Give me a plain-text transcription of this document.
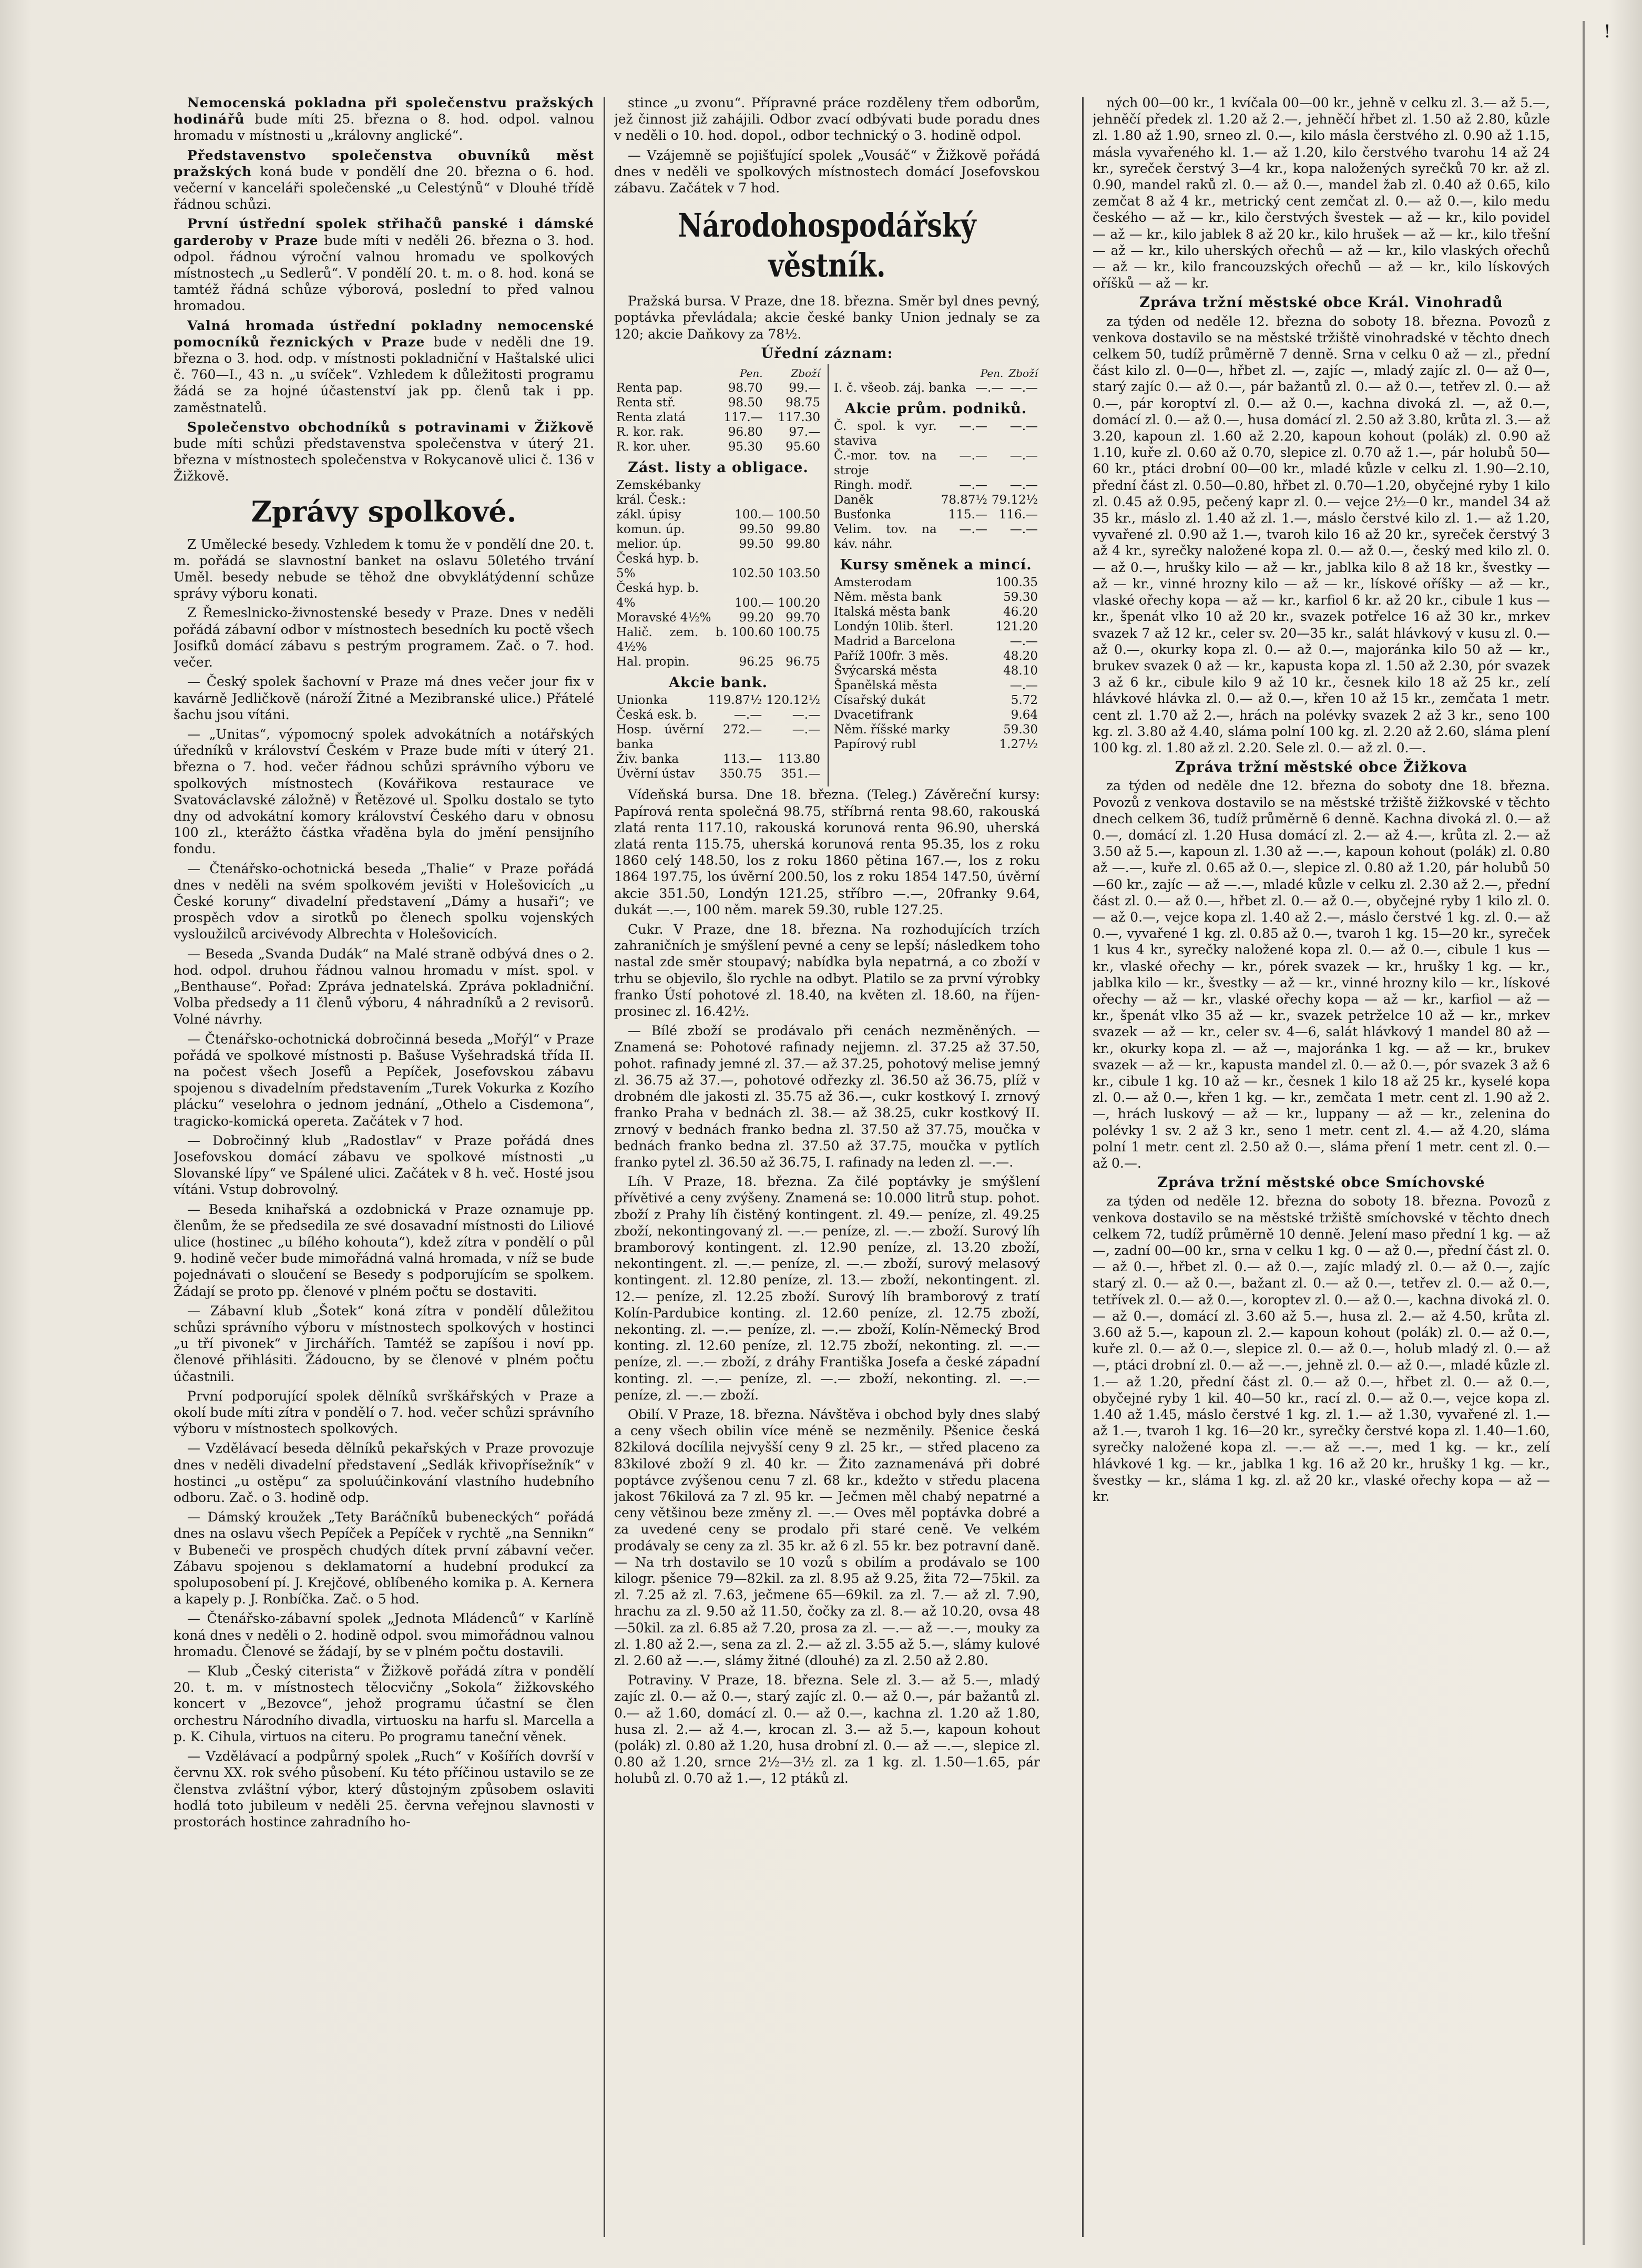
!

Nemocenská pokladna při společenstvu pražských hodinářů bude míti 25. března o 8. hod. odpol. valnou hromadu v místnosti u „královny anglické“.

Představenstvo společenstva obuvníků měst pražských koná bude v pondělí dne 20. března o 6. hod. večerní v kanceláři společenské „u Celestýnů“ v Dlouhé třídě řádnou schůzi.

První ústřední spolek střihačů panské i dámské garderoby v Praze bude míti v neděli 26. března o 3. hod. odpol. řádnou výroční valnou hromadu ve spolkových místnostech „u Sedlerů“. V pondělí 20. t. m. o 8. hod. koná se tamtéž řádná schůze výborová, poslední to před valnou hromadou.

Valná hromada ústřední pokladny nemocenské pomocníků řeznických v Praze bude v neděli dne 19. března o 3. hod. odp. v místnosti pokladniční v Haštalské ulici č. 760—I., 43 n. „u svíček“. Vzhledem k důležitosti programu žádá se za hojné účastenství jak pp. členů tak i pp. zaměstnatelů.

Společenstvo obchodníků s potravinami v Žižkově bude míti schůzi představenstva společenstva v úterý 21. března v místnostech společenstva v Rokycanově ulici č. 136 v Žižkově.

Zprávy spolkové.

Z Umělecké besedy. Vzhledem k tomu že v pondělí dne 20. t. m. pořádá se slavnostní banket na oslavu 50letého trvání Uměl. besedy nebude se těhož dne obvyklátýdenní schůze správy výboru konati.

Z Řemeslnicko-živnostenské besedy v Praze. Dnes v neděli pořádá zábavní odbor v místnostech besedních ku poctě všech Josifků domácí zábavu s pestrým programem. Zač. o 7. hod. večer.

— Český spolek šachovní v Praze má dnes večer jour fix v kavárně Jedličkově (nároží Žitné a Mezibranské ulice.) Přátelé šachu jsou vítáni.

— „Unitas“, výpomocný spolek advokátních a notářských úředníků v království Českém v Praze bude míti v úterý 21. března o 7. hod. večer řádnou schůzi správního výboru ve spolkových místnostech (Kovářikova restaurace ve Svatováclavské záložně) v Řetězové ul. Spolku dostalo se tyto dny od advokátní komory království Českého daru v obnosu 100 zl., kterážto částka vřaděna byla do jmění pensijního fondu.

— Čtenářsko-ochotnická beseda „Thalie“ v Praze pořádá dnes v neděli na svém spolkovém jevišti v Holešovicích „u České koruny“ divadelní představení „Dámy a husaři“; ve prospěch vdov a sirotků po členech spolku vojenských vysloužilců arcivévody Albrechta v Holešovicích.

— Beseda „Svanda Dudák“ na Malé straně odbývá dnes o 2. hod. odpol. druhou řádnou valnou hromadu v míst. spol. v „Benthause“. Pořad: Zpráva jednatelská. Zpráva pokladniční. Volba předsedy a 11 členů výboru, 4 náhradníků a 2 revisorů. Volné návrhy.

— Čtenářsko-ochotnická dobročinná beseda „Mořýl“ v Praze pořádá ve spolkové místnosti p. Bašuse Vyšehradská třída II. na počest všech Josefů a Pepíček, Josefovskou zábavu spojenou s divadelním představením „Turek Vokurka z Kozího plácku“ veselohra o jednom jednání, „Othelo a Cisdemona“, tragicko-komická opereta. Začátek v 7 hod.

— Dobročinný klub „Radostlav“ v Praze pořádá dnes Josefovskou domácí zábavu ve spolkové místnosti „u Slovanské lípy“ ve Spálené ulici. Začátek v 8 h. več. Hosté jsou vítáni. Vstup dobrovolný.

— Beseda knihařská a ozdobnická v Praze oznamuje pp. členům, že se předsedila ze své dosavadní místnosti do Liliové ulice (hostinec „u bílého kohouta“), kdež zítra v pondělí o půl 9. hodině večer bude mimořádná valná hromada, v níž se bude pojednávati o sloučení se Besedy s podporujícím se spolkem. Žádají se proto pp. členové v plném počtu se dostaviti.

— Zábavní klub „Šotek“ koná zítra v pondělí důležitou schůzi správního výboru v místnostech spolkových v hostinci „u tří pivonek“ v Jirchářích. Tamtéž se zapíšou i noví pp. členové přihlásiti. Žádoucno, by se členové v plném počtu účastnili.

První podporující spolek dělníků svrškářských v Praze a okolí bude míti zítra v pondělí o 7. hod. večer schůzi správního výboru v místnostech spolkových.

— Vzdělávací beseda dělníků pekařských v Praze provozuje dnes v neděli divadelní představení „Sedlák křivopřísežník“ v hostinci „u ostěpu“ za spoluúčinkování vlastního hudebního odboru. Zač. o 3. hodině odp.

— Dámský kroužek „Tety Baráčníků bubeneckých“ pořádá dnes na oslavu všech Pepíček a Pepíček v rychtě „na Sennikn“ v Bubeneči ve prospěch chudých dítek první zábavní večer. Zábavu spojenou s deklamatorní a hudební produkcí za spoluposobení pí. J. Krejčové, oblíbeného komika p. A. Kernera a kapely p. J. Ronbíčka. Zač. o 5 hod.

— Čtenářsko-zábavní spolek „Jednota Mládenců“ v Karlíně koná dnes v neděli o 2. hodině odpol. svou mimořádnou valnou hromadu. Členové se žádají, by se v plném počtu dostavili.

— Klub „Český citerista“ v Žižkově pořádá zítra v pondělí 20. t. m. v místnostech tělocvičny „Sokola“ žižkovského koncert v „Bezovce“, jehož programu účastní se člen orchestru Národního divadla, virtuosku na harfu sl. Marcella a p. K. Cihula, virtuos na citeru. Po programu taneční věnek.

— Vzdělávací a podpůrný spolek „Ruch“ v Košířích dovrší v červnu XX. rok svého působení. Ku této příčinou ustavilo se ze členstva zvláštní výbor, který důstojným způsobem oslaviti hodlá toto jubileum v neděli 25. června veřejnou slavnosti v prostorách hostince zahradního ho-

stince „u zvonu“. Přípravné práce rozděleny třem odborům, jež činnost již zahájili. Odbor zvací odbývati bude poradu dnes v neděli o 10. hod. dopol., odbor technický o 3. hodině odpol.

— Vzájemně se pojišťující spolek „Vousáč“ v Žižkově pořádá dnes v neděli ve spolkových místnostech domácí Josefovskou zábavu. Začátek v 7 hod.

Národohospodářský věstník.

Pražská bursa. V Praze, dne 18. března. Směr byl dnes pevný, poptávka převládala; akcie české banky Union jednaly se za 120; akcie Daňkovy za 78½.

Úřední záznam:
	Pen.	Zboží
Renta pap.	98.70	99.—
Renta stř.	98.50	98.75
Renta zlatá	117.—	117.30
R. kor. rak.	96.80	97.—
R. kor. uher.	95.30	95.60
Zást. listy a obligace.
Zemskébanky král. Česk.:		
zákl. úpisy	100.—	100.50
komun. úp.	99.50	99.80
melior. úp.	99.50	99.80
Česká hyp. b.		
5%	102.50	103.50
Česká hyp. b.		
4%	100.—	100.20
Moravské 4½%	99.20	99.70
Halič. zem. b. 4½%	100.60	100.75
Hal. propin.	96.25	96.75
Akcie bank.
Unionka	119.87½	120.12½
Česká esk. b.	—.—	—.—
Hosp. úvěrní banka	272.—	—.—
Živ. banka	113.—	113.80
Úvěrní ústav	350.75	351.—
	Pen.	Zboží
I. č. všeob. záj. banka	—.—	—.—
Akcie prům. podniků.
Č. spol. k vyr. staviva	—.—	—.—
Č.-mor. tov. na stroje	—.—	—.—
Ringh. modř.	—.—	—.—
Daněk	78.87½	79.12½
Busťonka	115.—	116.—
Velim. tov. na káv. náhr.	—.—	—.—
Kursy směnek a mincí.
Amsterodam		100.35
Něm. města bank		59.30
Italská města bank		46.20
Londýn 10lib. šterl.		121.20
Madrid a Barcelona		—.—
Paříž 100fr. 3 měs.		48.20
Švýcarská města		48.10
Španělská města		—.—
Císařský dukát		5.72
Dvacetifrank		9.64
Něm. říšské marky		59.30
Papírový rubl		1.27½

Vídeňská bursa. Dne 18. března. (Teleg.) Závěreční kursy: Papírová renta společná 98.75, stříbrná renta 98.60, rakouská zlatá renta 117.10, rakouská korunová renta 96.90, uherská zlatá renta 115.75, uherská korunová renta 95.35, los z roku 1860 celý 148.50, los z roku 1860 pětina 167.—, los z roku 1864 197.75, los úvěrní 200.50, los z roku 1854 147.50, úvěrní akcie 351.50, Londýn 121.25, stříbro —.—, 20franky 9.64, dukát —.—, 100 něm. marek 59.30, ruble 127.25.

Cukr. V Praze, dne 18. března. Na rozhodujících trzích zahraničních je smýšlení pevné a ceny se lepší; následkem toho nastal zde směr stoupavý; nabídka byla nepatrná, a co zboží v trhu se objevilo, šlo rychle na odbyt. Platilo se za první výrobky franko Ústí pohotové zl. 18.40, na květen zl. 18.60, na říjen-prosinec zl. 16.42½.

— Bílé zboží se prodávalo při cenách nezměněných. — Znamená se: Pohotové rafinady nejjemn. zl. 37.25 až 37.50, pohot. rafinady jemné zl. 37.— až 37.25, pohotový melise jemný zl. 36.75 až 37.—, pohotové odřezky zl. 36.50 až 36.75, plíž v drobném dle jakosti zl. 35.75 až 36.—, cukr kostkový I. zrnový franko Praha v bednách zl. 38.— až 38.25, cukr kostkový II. zrnový v bednách franko bedna zl. 37.50 až 37.75, moučka v bednách franko bedna zl. 37.50 až 37.75, moučka v pytlích franko pytel zl. 36.50 až 36.75, I. rafinady na leden zl. —.—.

Líh. V Praze, 18. března. Za čilé poptávky je smýšlení přívětivé a ceny zvýšeny. Znamená se: 10.000 litrů stup. pohot. zboží z Prahy líh čistěný kontingent. zl. 49.— peníze, zl. 49.25 zboží, nekontingovaný zl. —.— peníze, zl. —.— zboží. Surový líh bramborový kontingent. zl. 12.90 peníze, zl. 13.20 zboží, nekontingent. zl. —.— peníze, zl. —.— zboží, surový melasový kontingent. zl. 12.80 peníze, zl. 13.— zboží, nekontingent. zl. 12.— peníze, zl. 12.25 zboží. Surový líh bramborový z tratí Kolín-Pardubice konting. zl. 12.60 peníze, zl. 12.75 zboží, nekonting. zl. —.— peníze, zl. —.— zboží, Kolín-Německý Brod konting. zl. 12.60 peníze, zl. 12.75 zboží, nekonting. zl. —.— peníze, zl. —.— zboží, z dráhy Františka Josefa a české západní konting. zl. —.— peníze, zl. —.— zboží, nekonting. zl. —.— peníze, zl. —.— zboží.

Obilí. V Praze, 18. března. Návštěva i obchod byly dnes slabý a ceny všech obilin více méně se nezměnily. Pšenice česká 82kilová docílila nejvyšší ceny 9 zl. 25 kr., — střed placeno za 83kilové zboží 9 zl. 40 kr. — Žito zaznamenává při dobré poptávce zvýšenou cenu 7 zl. 68 kr., kdežto v středu placena jakost 76kilová za 7 zl. 95 kr. — Ječmen měl chabý nepatrné a ceny většinou beze změny zl. —.— Oves měl poptávka dobré a za uvedené ceny se prodalo při staré ceně. Ve velkém prodávaly se ceny za zl. 35 kr. až 6 zl. 55 kr. bez potravní daně. — Na trh dostavilo se 10 vozů s obilím a prodávalo se 100 kilogr. pšenice 79—82kil. za zl. 8.95 až 9.25, žita 72—75kil. za zl. 7.25 až zl. 7.63, ječmene 65—69kil. za zl. 7.— až zl. 7.90, hrachu za zl. 9.50 až 11.50, čočky za zl. 8.— až 10.20, ovsa 48—50kil. za zl. 6.85 až 7.20, prosa za zl. —.— až —.—, mouky za zl. 1.80 až 2.—, sena za zl. 2.— až zl. 3.55 až 5.—, slámy kulové zl. 2.60 až —.—, slámy žitné (dlouhé) za zl. 2.50 až 2.80.

Potraviny. V Praze, 18. března. Sele zl. 3.— až 5.—, mladý zajíc zl. 0.— až 0.—, starý zajíc zl. 0.— až 0.—, pár bažantů zl. 0.— až 1.60, domácí zl. 0.— až 0.—, kachna zl. 1.20 až 1.80, husa zl. 2.— až 4.—, krocan zl. 3.— až 5.—, kapoun kohout (polák) zl. 0.80 až 1.20, husa drobní zl. 0.— až —.—, slepice zl. 0.80 až 1.20, srnce 2½—3½ zl. za 1 kg. zl. 1.50—1.65, pár holubů zl. 0.70 až 1.—, 12 ptáků zl.

ných 00—00 kr., 1 kvíčala 00—00 kr., jehně v celku zl. 3.— až 5.—, jehněčí předek zl. 1.20 až 2.—, jehněčí hřbet zl. 1.50 až 2.80, kůzle zl. 1.80 až 1.90, srneo zl. 0.—, kilo másla čerstvého zl. 0.90 až 1.15, másla vyvařeného kl. 1.— až 1.20, kilo čerstvého tvarohu 14 až 24 kr., syreček čerstvý 3—4 kr., kopa naložených syrečků 70 kr. až zl. 0.90, mandel raků zl. 0.— až 0.—, mandel žab zl. 0.40 až 0.65, kilo zemčat 8 až 4 kr., metrický cent zemčat zl. 0.— až 0.—, kilo medu českého — až — kr., kilo čerstvých švestek — až — kr., kilo povidel — až — kr., kilo jablek 8 až 20 kr., kilo hrušek — až — kr., kilo třešní — až — kr., kilo uherských ořechů — až — kr., kilo vlaských ořechů — až — kr., kilo francouzských ořechů — až — kr., kilo lískových oříšků — až — kr.

Zpráva tržní městské obce Král. Vinohradů

za týden od neděle 12. března do soboty 18. března. Povozů z venkova dostavilo se na městské tržiště vinohradské v těchto dnech celkem 50, tudíž průměrně 7 denně. Srna v celku 0 až — zl., přední část kilo zl. 0—0—, hřbet zl. —, zajíc —, mladý zajíc zl. 0— až 0—, starý zajíc 0.— až 0.—, pár bažantů zl. 0.— až 0.—, tetřev zl. 0.— až 0.—, pár koroptví zl. 0.— až 0.—, kachna divoká zl. —, až 0.—, domácí zl. 0.— až 0.—, husa domácí zl. 2.50 až 3.80, krůta zl. 3.— až 3.20, kapoun zl. 1.60 až 2.20, kapoun kohout (polák) zl. 0.90 až 1.10, kuře zl. 0.60 až 0.70, slepice zl. 0.70 až 1.—, pár holubů 50—60 kr., ptáci drobní 00—00 kr., mladé kůzle v celku zl. 1.90—2.10, přední část zl. 0.50—0.80, hřbet zl. 0.70—1.20, obyčejné ryby 1 kilo zl. 0.45 až 0.95, pečený kapr zl. 0.— vejce 2½—0 kr., mandel 34 až 35 kr., máslo zl. 1.40 až zl. 1.—, máslo čerstvé kilo zl. 1.— až 1.20, vyvařené zl. 0.90 až 1.—, tvaroh kilo 16 až 20 kr., syreček čerstvý 3 až 4 kr., syrečky naložené kopa zl. 0.— až 0.—, český med kilo zl. 0.— až 0.—, hrušky kilo — až — kr., jablka kilo 8 až 18 kr., švestky — až — kr., vinné hrozny kilo — až — kr., lískové oříšky — až — kr., vlaské ořechy kopa — až — kr., karfiol 6 kr. až 20 kr., cibule 1 kus — kr., špenát vlko 10 až 20 kr., svazek potřelce 16 až 30 kr., mrkev svazek 7 až 12 kr., celer sv. 20—35 kr., salát hlávkový v kusu zl. 0.— až 0.—, okurky kopa zl. 0.— až 0.—, majoránka kilo 50 až — kr., brukev svazek 0 až — kr., kapusta kopa zl. 1.50 až 2.30, pór svazek 3 až 6 kr., cibule kilo 9 až 10 kr., česnek kilo 18 až 25 kr., zelí hlávkové hlávka zl. 0.— až 0.—, křen 10 až 15 kr., zemčata 1 metr. cent zl. 1.70 až 2.—, hrách na polévky svazek 2 až 3 kr., seno 100 kg. zl. 3.80 až 4.40, sláma polní 100 kg. zl. 2.20 až 2.60, sláma plení 100 kg. zl. 1.80 až zl. 2.20. Sele zl. 0.— až zl. 0.—.

Zpráva tržní městské obce Žižkova

za týden od neděle dne 12. března do soboty dne 18. března. Povozů z venkova dostavilo se na městské tržiště žižkovské v těchto dnech celkem 36, tudíž průměrně 6 denně. Kachna divoká zl. 0.— až 0.—, domácí zl. 1.20 Husa domácí zl. 2.— až 4.—, krůta zl. 2.— až 3.50 až 5.—, kapoun zl. 1.30 až —.—, kapoun kohout (polák) zl. 0.80 až —.—, kuře zl. 0.65 až 0.—, slepice zl. 0.80 až 1.20, pár holubů 50—60 kr., zajíc — až —.—, mladé kůzle v celku zl. 2.30 až 2.—, přední část zl. 0.— až 0.—, hřbet zl. 0.— až 0.—, obyčejné ryby 1 kilo zl. 0.— až 0.—, vejce kopa zl. 1.40 až 2.—, máslo čerstvé 1 kg. zl. 0.— až 0.—, vyvařené 1 kg. zl. 0.85 až 0.—, tvaroh 1 kg. 15—20 kr., syreček 1 kus 4 kr., syrečky naložené kopa zl. 0.— až 0.—, cibule 1 kus — kr., vlaské ořechy — kr., pórek svazek — kr., hrušky 1 kg. — kr., jablka kilo — kr., švestky — až — kr., vinné hrozny kilo — kr., lískové ořechy — až — kr., vlaské ořechy kopa — až — kr., karfiol — až — kr., špenát vlko 35 až — kr., svazek petrželce 10 až — kr., mrkev svazek — až — kr., celer sv. 4—6, salát hlávkový 1 mandel 80 až — kr., okurky kopa zl. — až —, majoránka 1 kg. — až — kr., brukev svazek — až — kr., kapusta mandel zl. 0.— až 0.—, pór svazek 3 až 6 kr., cibule 1 kg. 10 až — kr., česnek 1 kilo 18 až 25 kr., kyselé kopa zl. 0.— až 0.—, křen 1 kg. — kr., zemčata 1 metr. cent zl. 1.90 až 2.—, hrách luskový — až — kr., luppany — až — kr., zelenina do polévky 1 sv. 2 až 3 kr., seno 1 metr. cent zl. 4.— až 4.20, sláma polní 1 metr. cent zl. 2.50 až 0.—, sláma pření 1 metr. cent zl. 0.— až 0.—.

Zpráva tržní městské obce Smíchovské

za týden od neděle 12. března do soboty 18. března. Povozů z venkova dostavilo se na městské tržiště smíchovské v těchto dnech celkem 72, tudíž průměrně 10 denně. Jelení maso přední 1 kg. — až —, zadní 00—00 kr., srna v celku 1 kg. 0 — až 0.—, přední část zl. 0.— až 0.—, hřbet zl. 0.— až 0.—, zajíc mladý zl. 0.— až 0.—, zajíc starý zl. 0.— až 0.—, bažant zl. 0.— až 0.—, tetřev zl. 0.— až 0.—, tetřívek zl. 0.— až 0.—, koroptev zl. 0.— až 0.—, kachna divoká zl. 0.— až 0.—, domácí zl. 3.60 až 5.—, husa zl. 2.— až 4.50, krůta zl. 3.60 až 5.—, kapoun zl. 2.— kapoun kohout (polák) zl. 0.— až 0.—, kuře zl. 0.— až 0.—, slepice zl. 0.— až 0.—, holub mladý zl. 0.— až —, ptáci drobní zl. 0.— až —.—, jehně zl. 0.— až 0.—, mladé kůzle zl. 1.— až 1.20, přední část zl. 0.— až 0.—, hřbet zl. 0.— až 0.—, obyčejné ryby 1 kil. 40—50 kr., rací zl. 0.— až 0.—, vejce kopa zl. 1.40 až 1.45, máslo čerstvé 1 kg. zl. 1.— až 1.30, vyvařené zl. 1.— až 1.—, tvaroh 1 kg. 16—20 kr., syrečky čerstvé kopa zl. 1.40—1.60, syrečky naložené kopa zl. —.— až —.—, med 1 kg. — kr., zelí hlávkové 1 kg. — kr., jablka 1 kg. 16 až 20 kr., hrušky 1 kg. — kr., švestky — kr., sláma 1 kg. zl. až 20 kr., vlaské ořechy kopa — až — kr.
